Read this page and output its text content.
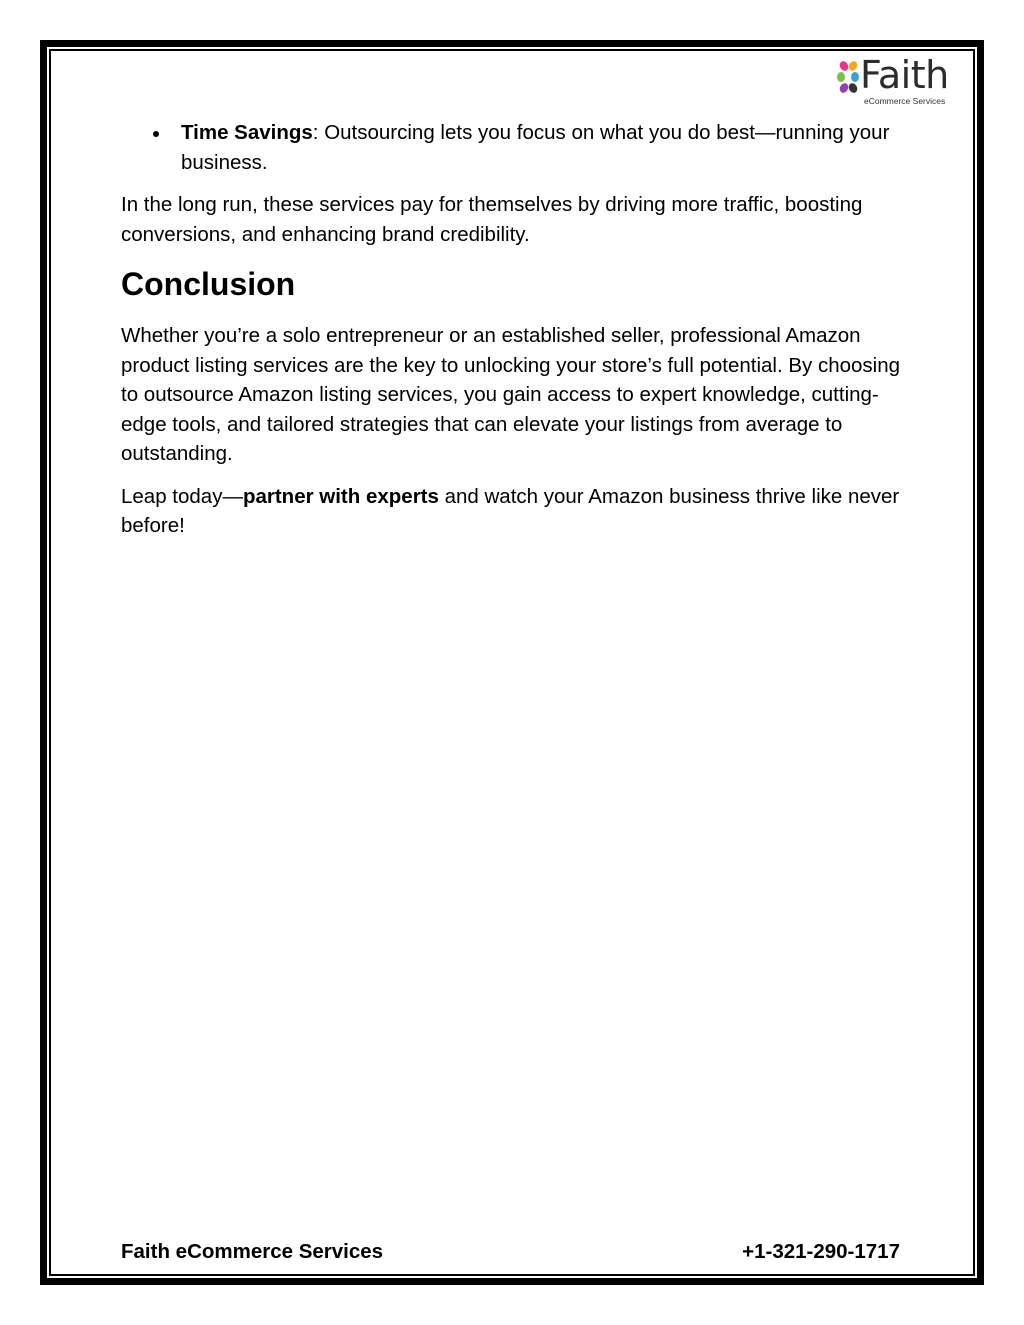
Faith
eCommerce Services
Time Savings: Outsourcing lets you focus on what you do best—running your business.

In the long run, these services pay for themselves by driving more traffic, boosting conversions, and enhancing brand credibility.

Conclusion

Whether you’re a solo entrepreneur or an established seller, professional Amazon product listing services are the key to unlocking your store’s full potential. By choosing to outsource Amazon listing services, you gain access to expert knowledge, cutting-edge tools, and tailored strategies that can elevate your listings from average to outstanding.

Leap today—partner with experts and watch your Amazon business thrive like never before!

Faith eCommerce Services	+1-321-290-1717
